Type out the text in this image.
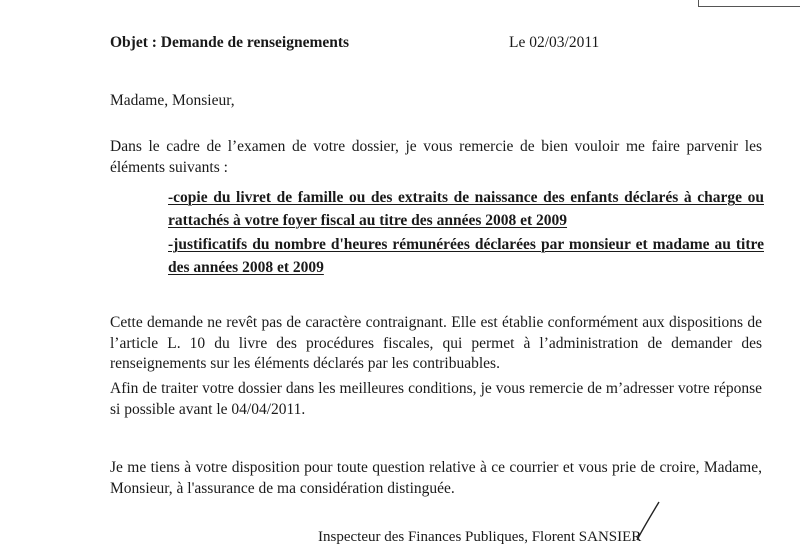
Objet : Demande de renseignements	Le 02/03/2011
Madame, Monsieur,
Dans le cadre de l’examen de votre dossier, je vous remercie de bien vouloir me faire parvenir les éléments suivants :
-copie du livret de famille ou des extraits de naissance des enfants déclarés à charge ou rattachés à votre foyer fiscal au titre des années 2008 et 2009
-justificatifs du nombre d'heures rémunérées déclarées par monsieur et madame au titre des années 2008 et 2009
Cette demande ne revêt pas de caractère contraignant. Elle est établie conformément aux dispositions de l’article L. 10 du livre des procédures fiscales, qui permet à l’administration de demander des renseignements sur les éléments déclarés par les contribuables.
Afin de traiter votre dossier dans les meilleures conditions, je vous remercie de m’adresser votre réponse si possible avant le 04/04/2011.
Je me tiens à votre disposition pour toute question relative à ce courrier et vous prie de croire, Madame, Monsieur, à l'assurance de ma considération distinguée.
Inspecteur des Finances Publiques, Florent SANSIER
